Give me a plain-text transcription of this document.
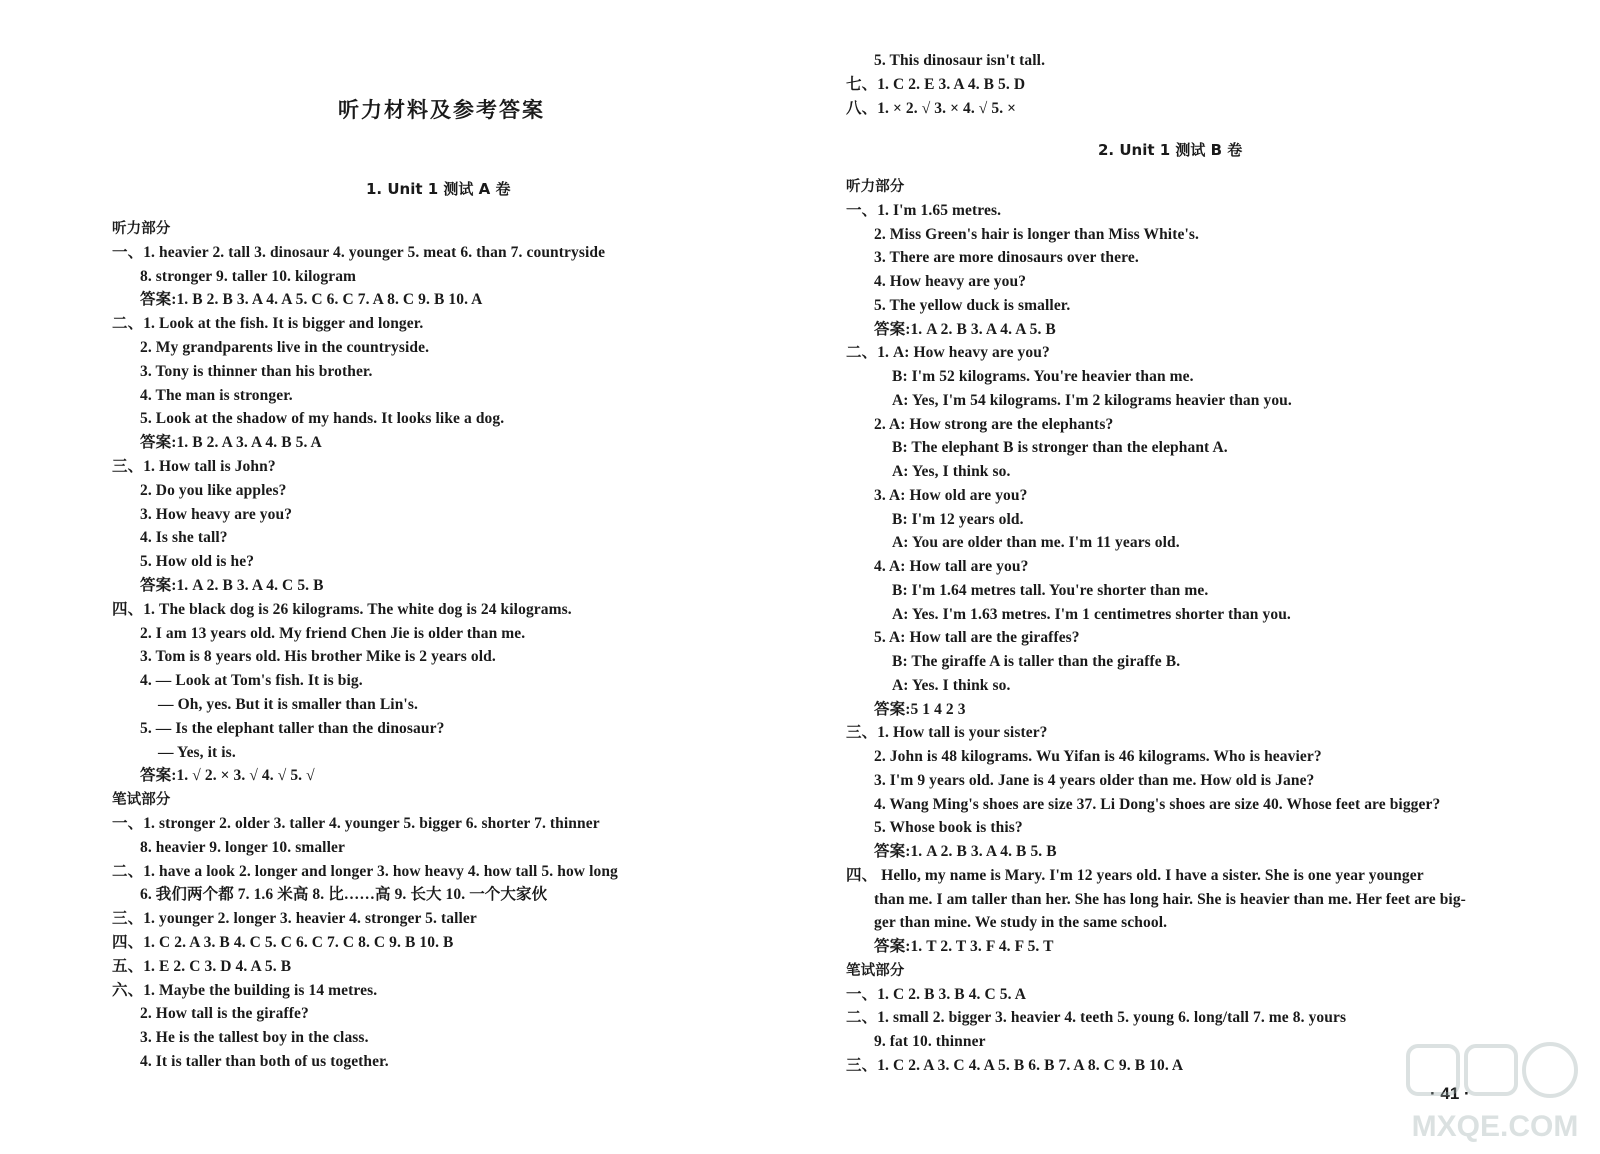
听力材料及参考答案
1. Unit 1 测试 A 卷
听力部分
一、1. heavier 2. tall 3. dinosaur 4. younger 5. meat 6. than 7. countryside
8. stronger 9. taller 10. kilogram
答案:1. B 2. B 3. A 4. A 5. C 6. C 7. A 8. C 9. B 10. A
二、1. Look at the fish. It is bigger and longer.
2. My grandparents live in the countryside.
3. Tony is thinner than his brother.
4. The man is stronger.
5. Look at the shadow of my hands. It looks like a dog.
答案:1. B 2. A 3. A 4. B 5. A
三、1. How tall is John?
2. Do you like apples?
3. How heavy are you?
4. Is she tall?
5. How old is he?
答案:1. A 2. B 3. A 4. C 5. B
四、1. The black dog is 26 kilograms. The white dog is 24 kilograms.
2. I am 13 years old. My friend Chen Jie is older than me.
3. Tom is 8 years old. His brother Mike is 2 years old.
4. — Look at Tom's fish. It is big.
— Oh, yes. But it is smaller than Lin's.
5. — Is the elephant taller than the dinosaur?
— Yes, it is.
答案:1. √ 2. × 3. √ 4. √ 5. √
笔试部分
一、1. stronger 2. older 3. taller 4. younger 5. bigger 6. shorter 7. thinner
8. heavier 9. longer 10. smaller
二、1. have a look 2. longer and longer 3. how heavy 4. how tall 5. how long
6. 我们两个都 7. 1.6 米高 8. 比……高 9. 长大 10. 一个大家伙
三、1. younger 2. longer 3. heavier 4. stronger 5. taller
四、1. C 2. A 3. B 4. C 5. C 6. C 7. C 8. C 9. B 10. B
五、1. E 2. C 3. D 4. A 5. B
六、1. Maybe the building is 14 metres.
2. How tall is the giraffe?
3. He is the tallest boy in the class.
4. It is taller than both of us together.
5. This dinosaur isn't tall.
七、1. C 2. E 3. A 4. B 5. D
八、1. × 2. √ 3. × 4. √ 5. ×
2. Unit 1 测试 B 卷
听力部分
一、1. I'm 1.65 metres.
2. Miss Green's hair is longer than Miss White's.
3. There are more dinosaurs over there.
4. How heavy are you?
5. The yellow duck is smaller.
答案:1. A 2. B 3. A 4. A 5. B
二、1. A: How heavy are you?
B: I'm 52 kilograms. You're heavier than me.
A: Yes, I'm 54 kilograms. I'm 2 kilograms heavier than you.
2. A: How strong are the elephants?
B: The elephant B is stronger than the elephant A.
A: Yes, I think so.
3. A: How old are you?
B: I'm 12 years old.
A: You are older than me. I'm 11 years old.
4. A: How tall are you?
B: I'm 1.64 metres tall. You're shorter than me.
A: Yes. I'm 1.63 metres. I'm 1 centimetres shorter than you.
5. A: How tall are the giraffes?
B: The giraffe A is taller than the giraffe B.
A: Yes. I think so.
答案:5 1 4 2 3
三、1. How tall is your sister?
2. John is 48 kilograms. Wu Yifan is 46 kilograms. Who is heavier?
3. I'm 9 years old. Jane is 4 years older than me. How old is Jane?
4. Wang Ming's shoes are size 37. Li Dong's shoes are size 40. Whose feet are bigger?
5. Whose book is this?
答案:1. A 2. B 3. A 4. B 5. B
四、 Hello, my name is Mary. I'm 12 years old. I have a sister. She is one year younger
than me. I am taller than her. She has long hair. She is heavier than me. Her feet are big-
ger than mine. We study in the same school.
答案:1. T 2. T 3. F 4. F 5. T
笔试部分
一、1. C 2. B 3. B 4. C 5. A
二、1. small 2. bigger 3. heavier 4. teeth 5. young 6. long/tall 7. me 8. yours
9. fat 10. thinner
三、1. C 2. A 3. C 4. A 5. B 6. B 7. A 8. C 9. B 10. A
· 41 ·
MXQE.COM
